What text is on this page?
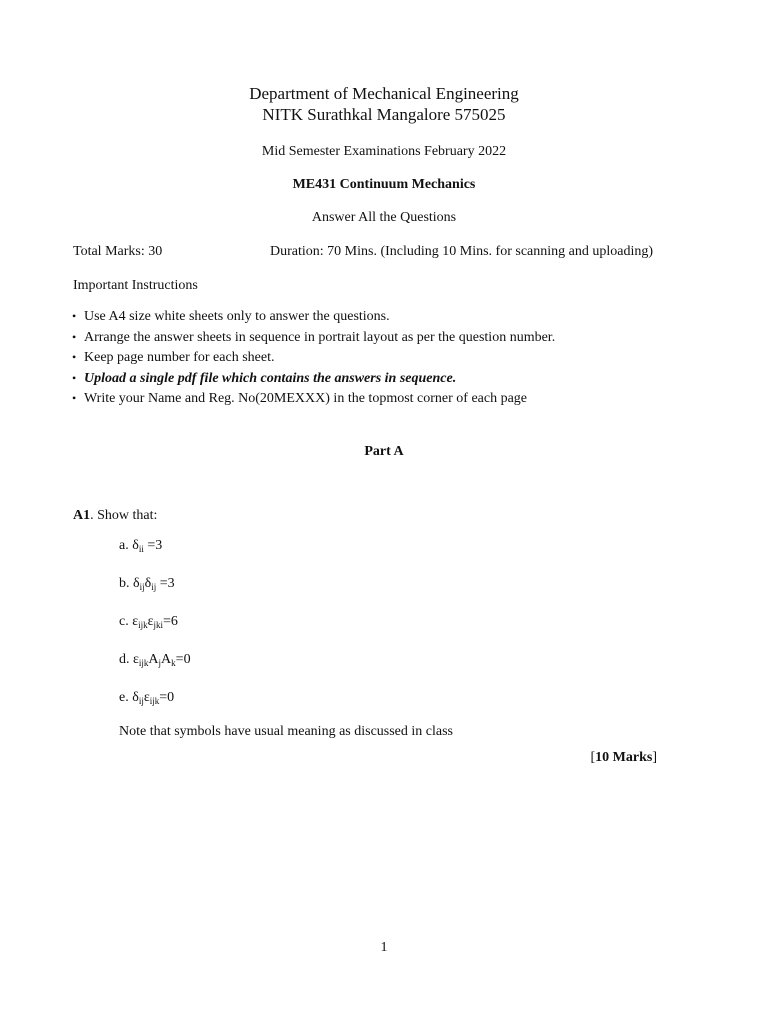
Department of Mechanical Engineering
NITK Surathkal Mangalore 575025
Mid Semester Examinations February 2022
ME431 Continuum Mechanics
Answer All the Questions
Total Marks: 30	Duration: 70 Mins. (Including 10 Mins. for scanning and uploading)
Important Instructions
• Use A4 size white sheets only to answer the questions.
• Arrange the answer sheets in sequence in portrait layout as per the question number.
• Keep page number for each sheet.
• Upload a single pdf file which contains the answers in sequence.
• Write your Name and Reg. No(20MEXXX) in the topmost corner of each page
Part A
A1. Show that:
a. $\delta_{ii} =3$
b. $\delta_{ij}\delta_{ij} =3$
c. $\varepsilon_{ijk}\varepsilon_{jki}=6$
d. $\varepsilon_{ijk}A_jA_k=0$
e. $\delta_{ij}\varepsilon_{ijk}=0$
Note that symbols have usual meaning as discussed in class
[10 Marks]
1
